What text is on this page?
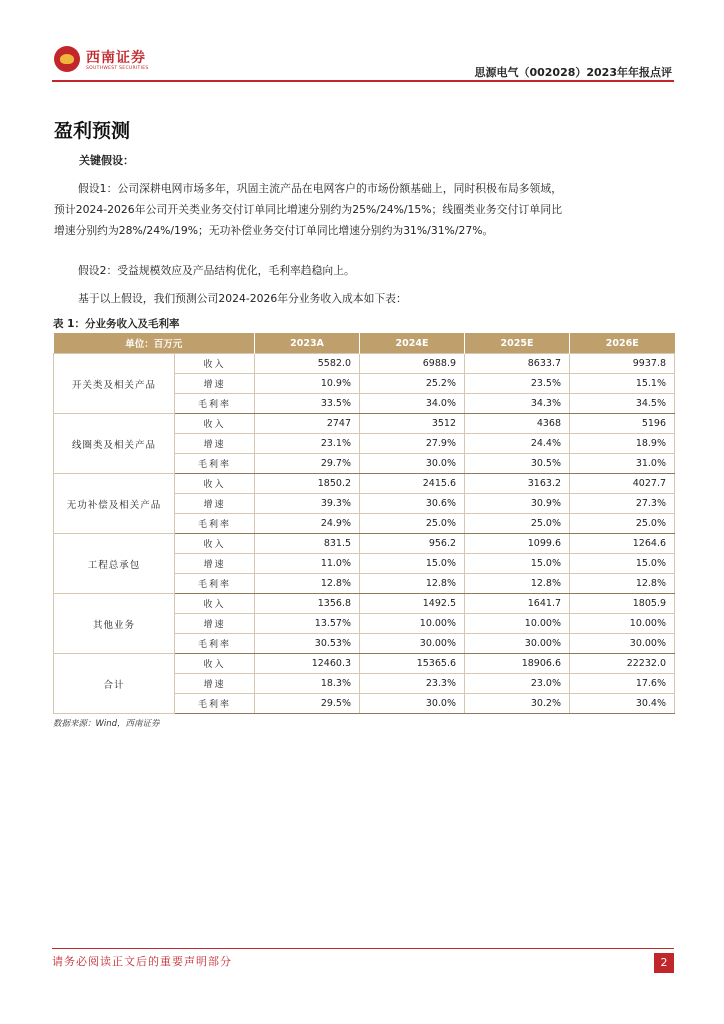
西南证券
SOUTHWEST SECURITIES	思源电气（002028）2023年年报点评
盈利预测
关键假设：
假设1：公司深耕电网市场多年，巩固主流产品在电网客户的市场份额基础上，同时积极布局多领域，预计2024-2026年公司开关类业务交付订单同比增速分别约为25%/24%/15%；线圈类业务交付订单同比增速分别约为28%/24%/19%；无功补偿业务交付订单同比增速分别约为31%/31%/27%。
假设2：受益规模效应及产品结构优化，毛利率趋稳向上。
基于以上假设，我们预测公司2024-2026年分业务收入成本如下表：
表 1：分业务收入及毛利率
单位：百万元		2023A	2024E	2025E	2026E
开关类及相关产品	收入	5582.0	6988.9	8633.7	9937.8
	增速	10.9%	25.2%	23.5%	15.1%
	毛利率	33.5%	34.0%	34.3%	34.5%
线圈类及相关产品	收入	2747	3512	4368	5196
	增速	23.1%	27.9%	24.4%	18.9%
	毛利率	29.7%	30.0%	30.5%	31.0%
无功补偿及相关产品	收入	1850.2	2415.6	3163.2	4027.7
	增速	39.3%	30.6%	30.9%	27.3%
	毛利率	24.9%	25.0%	25.0%	25.0%
工程总承包	收入	831.5	956.2	1099.6	1264.6
	增速	11.0%	15.0%	15.0%	15.0%
	毛利率	12.8%	12.8%	12.8%	12.8%
其他业务	收入	1356.8	1492.5	1641.7	1805.9
	增速	13.57%	10.00%	10.00%	10.00%
	毛利率	30.53%	30.00%	30.00%	30.00%
合计	收入	12460.3	15365.6	18906.6	22232.0
	增速	18.3%	23.3%	23.0%	17.6%
	毛利率	29.5%	30.0%	30.2%	30.4%
数据来源：Wind，西南证券
请务必阅读正文后的重要声明部分	2
